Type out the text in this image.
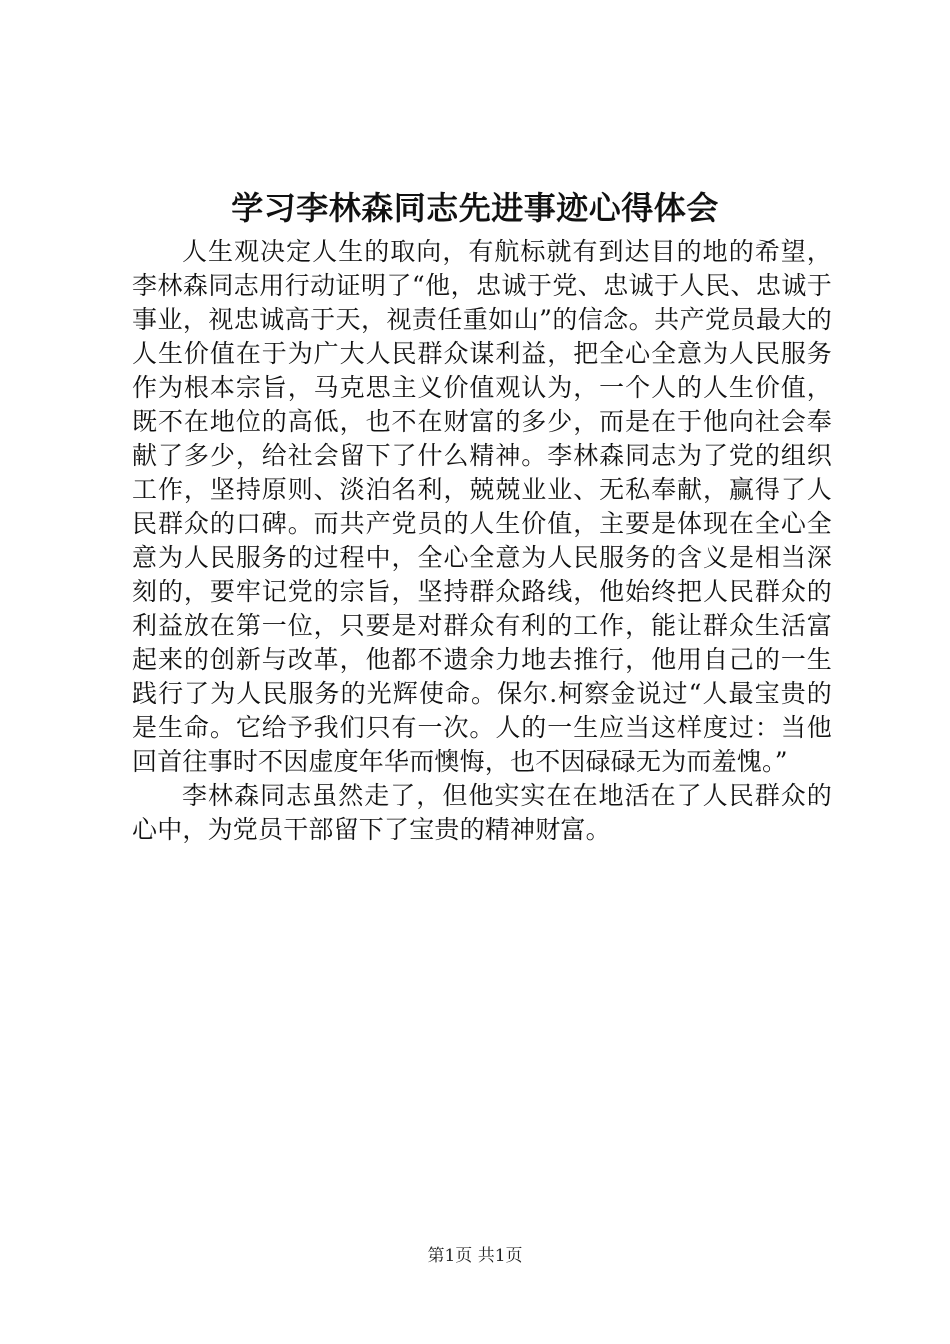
学习李林森同志先进事迹心得体会

人生观决定人生的取向，有航标就有到达目的地的希望，李林森同志用行动证明了“他，忠诚于党、忠诚于人民、忠诚于事业，视忠诚高于天，视责任重如山”的信念。共产党员最大的人生价值在于为广大人民群众谋利益，把全心全意为人民服务作为根本宗旨，马克思主义价值观认为，一个人的人生价值，既不在地位的高低，也不在财富的多少，而是在于他向社会奉献了多少，给社会留下了什么精神。李林森同志为了党的组织工作，坚持原则、淡泊名利，兢兢业业、无私奉献，赢得了人民群众的口碑。而共产党员的人生价值，主要是体现在全心全意为人民服务的过程中，全心全意为人民服务的含义是相当深刻的，要牢记党的宗旨，坚持群众路线，他始终把人民群众的利益放在第一位，只要是对群众有利的工作，能让群众生活富起来的创新与改革，他都不遗余力地去推行，他用自己的一生践行了为人民服务的光辉使命。保尔.柯察金说过“人最宝贵的是生命。它给予我们只有一次。人的一生应当这样度过：当他回首往事时不因虚度年华而懊悔，也不因碌碌无为而羞愧。”

李林森同志虽然走了，但他实实在在地活在了人民群众的心中，为党员干部留下了宝贵的精神财富。

第1页 共1页
